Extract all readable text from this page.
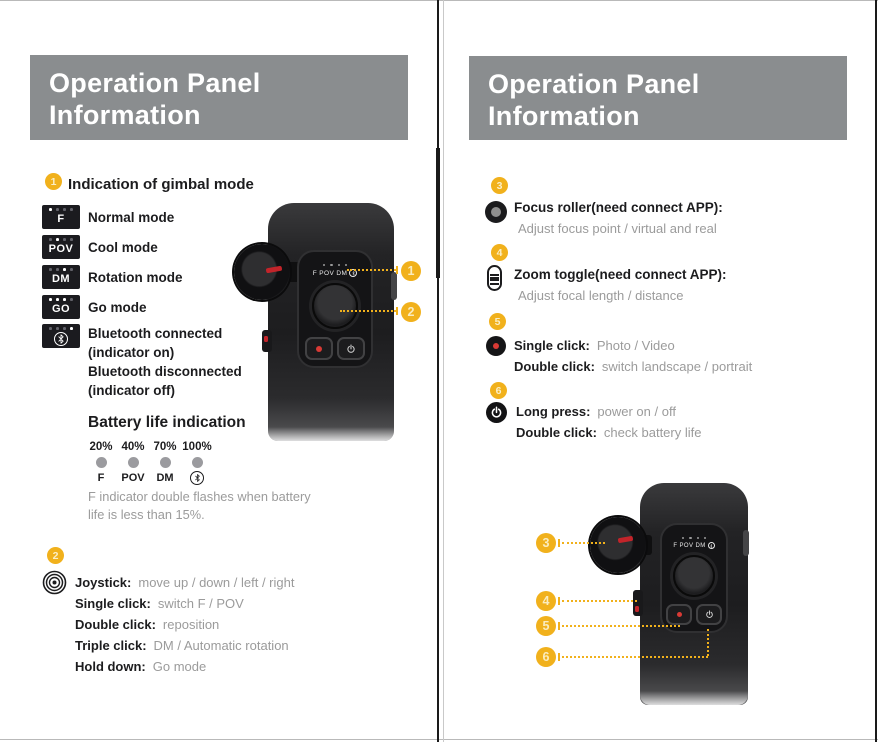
Operation Panel Information
1 Indication of gimbal mode
F Normal mode
POV Cool mode
DM Rotation mode
GO Go mode
Bluetooth connected
(indicator on)
Bluetooth disconnected
(indicator off)
Battery life indication
20%
F
40%
POV
70%
DM
100%
F indicator double flashes when battery
life is less than 15%.
2
Joystick: move up / down / left / right
Single click: switch F / POV
Double click: reposition
Triple click: DM / Automatic rotation
Hold down: Go mode
F POV DM	1
2
Operation Panel Information
3
Focus roller(need connect APP):
Adjust focus point / virtual and real
4
Zoom toggle(need connect APP):
Adjust focal length / distance
5
Single click: Photo / Video
Double click: switch landscape / portrait
6
Long press: power on / off
Double click: check battery life
F POV DM
3
4
5
6
